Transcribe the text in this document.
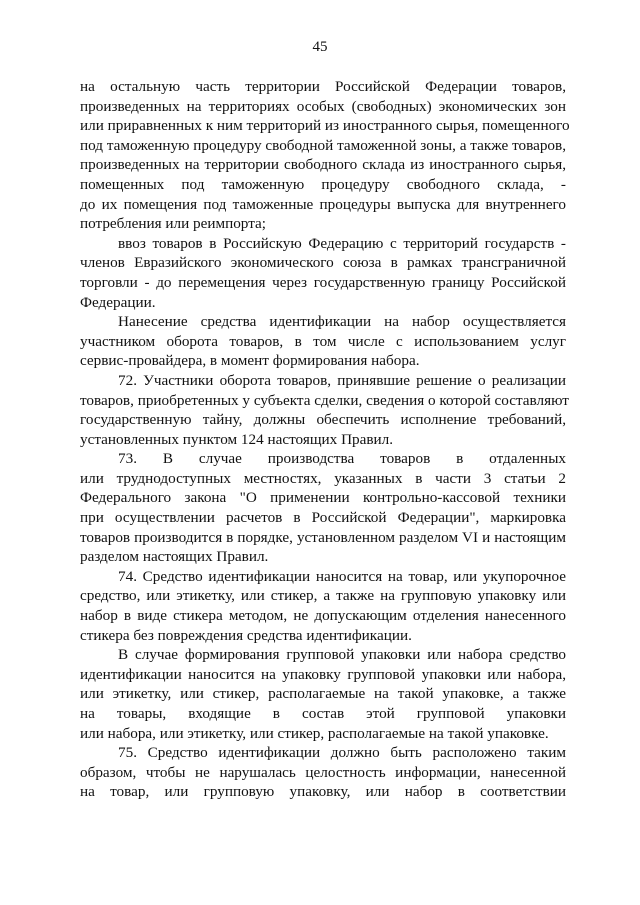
45
на остальную часть территории Российской Федерации товаров,
произведенных на территориях особых (свободных) экономических зон
или приравненных к ним территорий из иностранного сырья, помещенного
под таможенную процедуру свободной таможенной зоны, а также товаров,
произведенных на территории свободного склада из иностранного сырья,
помещенных под таможенную процедуру свободного склада, -
до их помещения под таможенные процедуры выпуска для внутреннего
потребления или реимпорта;
ввоз товаров в Российскую Федерацию с территорий государств -
членов Евразийского экономического союза в рамках трансграничной
торговли - до перемещения через государственную границу Российской
Федерации.
Нанесение средства идентификации на набор осуществляется
участником оборота товаров, в том числе с использованием услуг
сервис-провайдера, в момент формирования набора.
72. Участники оборота товаров, принявшие решение о реализации
товаров, приобретенных у субъекта сделки, сведения о которой составляют
государственную тайну, должны обеспечить исполнение требований,
установленных пунктом 124 настоящих Правил.
73. В случае производства товаров в отдаленных
или труднодоступных местностях, указанных в части 3 статьи 2
Федерального закона "О применении контрольно-кассовой техники
при осуществлении расчетов в Российской Федерации", маркировка
товаров производится в порядке, установленном разделом VI и настоящим
разделом настоящих Правил.
74. Средство идентификации наносится на товар, или укупорочное
средство, или этикетку, или стикер, а также на групповую упаковку или
набор в виде стикера методом, не допускающим отделения нанесенного
стикера без повреждения средства идентификации.
В случае формирования групповой упаковки или набора средство
идентификации наносится на упаковку групповой упаковки или набора,
или этикетку, или стикер, располагаемые на такой упаковке, а также
на товары, входящие в состав этой групповой упаковки
или набора, или этикетку, или стикер, располагаемые на такой упаковке.
75. Средство идентификации должно быть расположено таким
образом, чтобы не нарушалась целостность информации, нанесенной
на товар, или групповую упаковку, или набор в соответствии
